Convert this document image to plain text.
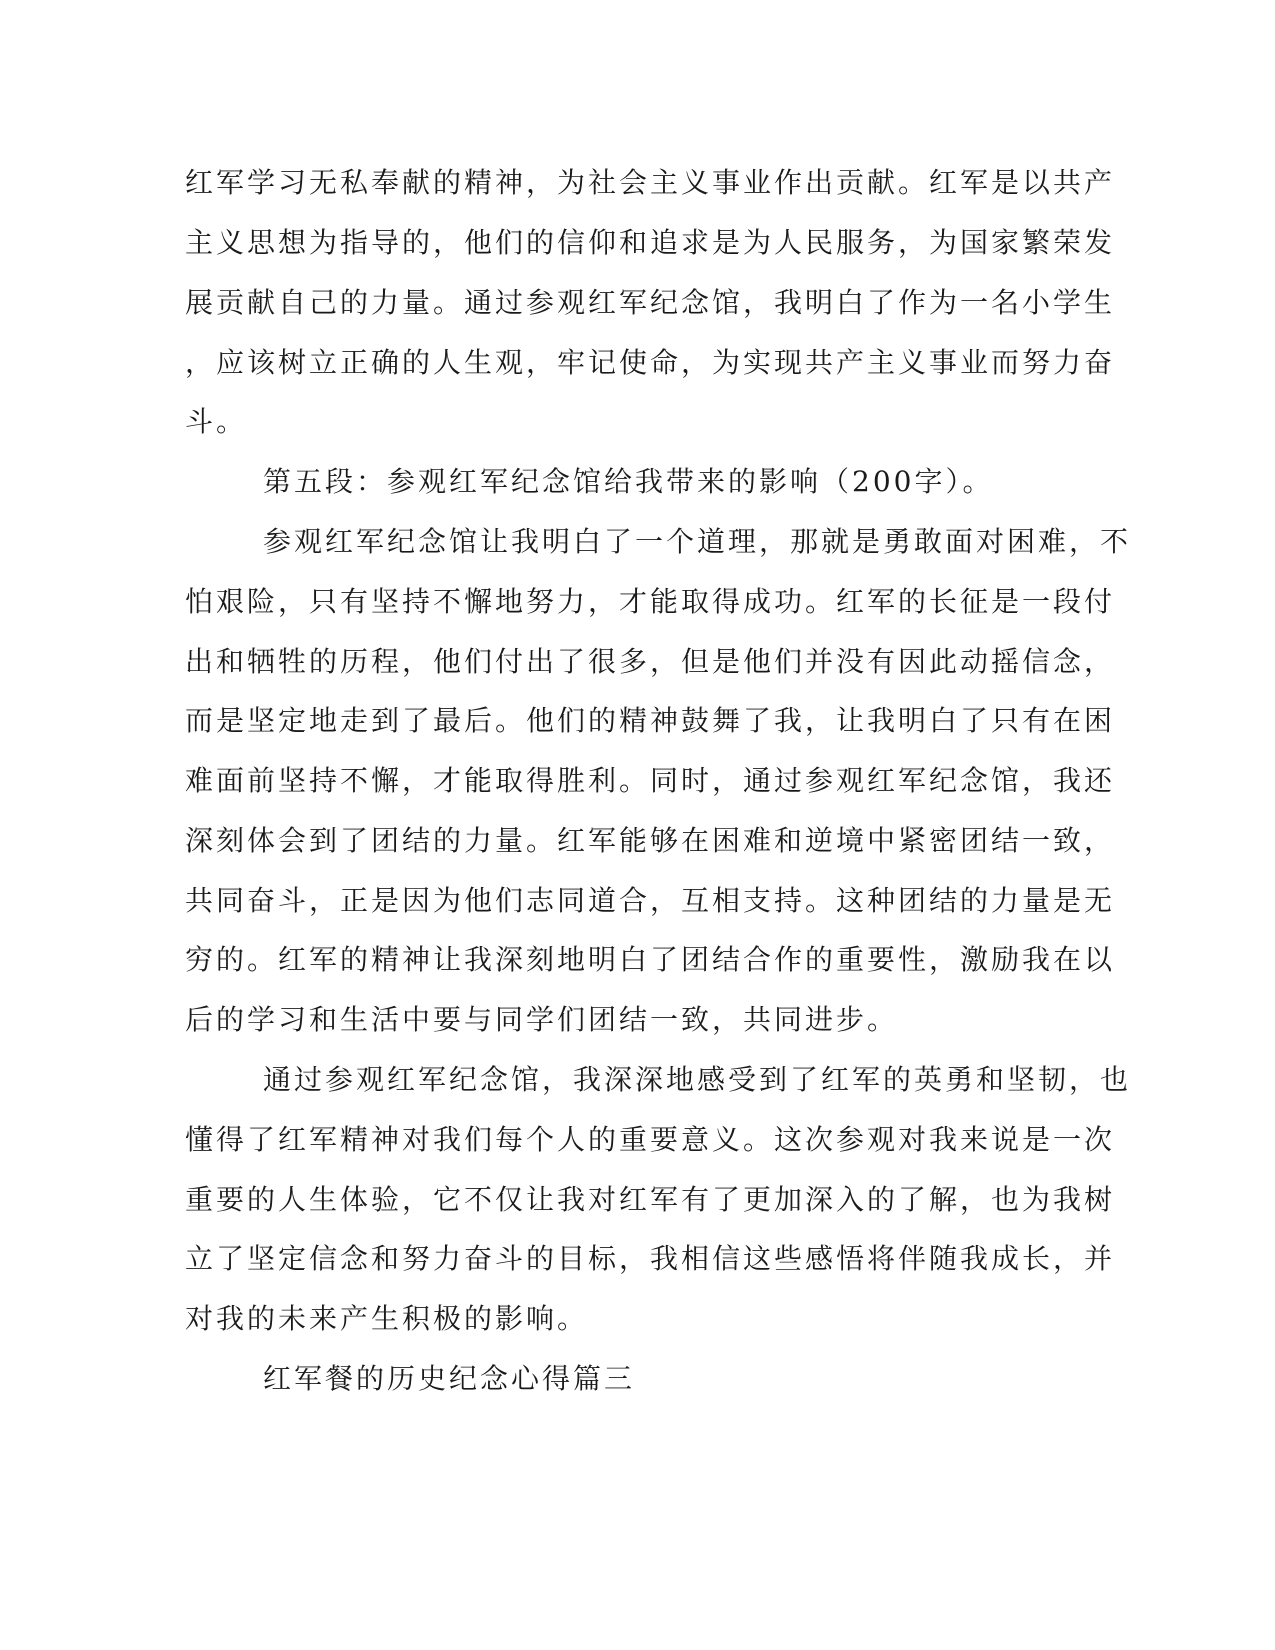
红军学习无私奉献的精神，为社会主义事业作出贡献。红军是以共产
主义思想为指导的，他们的信仰和追求是为人民服务，为国家繁荣发
展贡献自己的力量。通过参观红军纪念馆，我明白了作为一名小学生
，应该树立正确的人生观，牢记使命，为实现共产主义事业而努力奋
斗。
第五段：参观红军纪念馆给我带来的影响（200字）。
参观红军纪念馆让我明白了一个道理，那就是勇敢面对困难，不
怕艰险，只有坚持不懈地努力，才能取得成功。红军的长征是一段付
出和牺牲的历程，他们付出了很多，但是他们并没有因此动摇信念，
而是坚定地走到了最后。他们的精神鼓舞了我，让我明白了只有在困
难面前坚持不懈，才能取得胜利。同时，通过参观红军纪念馆，我还
深刻体会到了团结的力量。红军能够在困难和逆境中紧密团结一致，
共同奋斗，正是因为他们志同道合，互相支持。这种团结的力量是无
穷的。红军的精神让我深刻地明白了团结合作的重要性，激励我在以
后的学习和生活中要与同学们团结一致，共同进步。
通过参观红军纪念馆，我深深地感受到了红军的英勇和坚韧，也
懂得了红军精神对我们每个人的重要意义。这次参观对我来说是一次
重要的人生体验，它不仅让我对红军有了更加深入的了解，也为我树
立了坚定信念和努力奋斗的目标，我相信这些感悟将伴随我成长，并
对我的未来产生积极的影响。
红军餐的历史纪念心得篇三
